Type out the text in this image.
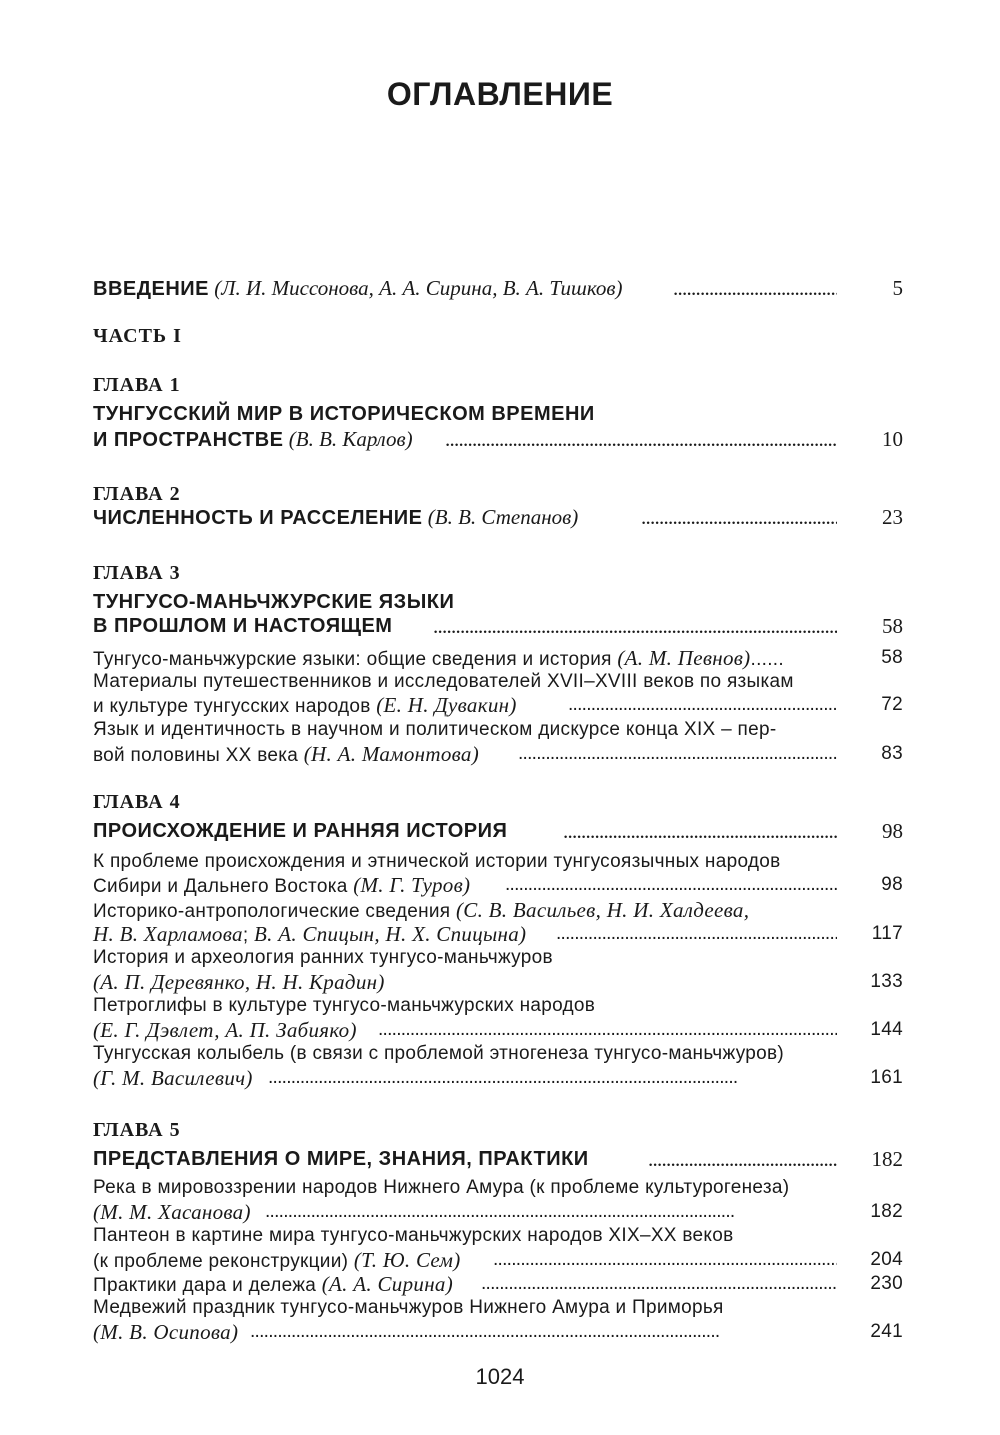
ОГЛАВЛЕНИЕ
ВВЕДЕНИЕ (Л. И. Миссонова, А. А. Сирина, В. А. Тишков) . . .	5
ЧАСТЬ I
ГЛАВА 1
ТУНГУССКИЙ МИР В ИСТОРИЧЕСКОМ ВРЕМЕНИ
И ПРОСТРАНСТВЕ (В. В. Карлов) . . .	10
ГЛАВА 2
ЧИСЛЕННОСТЬ И РАССЕЛЕНИЕ (В. В. Степанов) . . .	23
ГЛАВА 3
ТУНГУСО-МАНЬЧЖУРСКИЕ ЯЗЫКИ
В ПРОШЛОМ И НАСТОЯЩЕМ . . .	58
Тунгусо-маньчжурские языки: общие сведения и история (А. М. Певнов)......	58
Материалы путешественников и исследователей XVII–XVIII веков по языкам
и культуре тунгусских народов (Е. Н. Дувакин) . . .	72
Язык и идентичность в научном и политическом дискурсе конца XIX – пер-
вой половины XX века (Н. А. Мамонтова) . . .	83
ГЛАВА 4
ПРОИСХОЖДЕНИЕ И РАННЯЯ ИСТОРИЯ . . .	98
К проблеме происхождения и этнической истории тунгусоязычных народов
Сибири и Дальнего Востока (М. Г. Туров) . . .	98
Историко-антропологические сведения (С. В. Васильев, Н. И. Халдеева,
Н. В. Харламова; В. А. Спицын, Н. Х. Спицына) . . .	117
История и археология ранних тунгусо-маньчжуров
(А. П. Деревянко, Н. Н. Крадин)	133
Петроглифы в культуре тунгусо-маньчжурских народов
(Е. Г. Дэвлет, А. П. Забияко) . . .	144
Тунгусская колыбель (в связи с проблемой этногенеза тунгусо-маньчжуров)
(Г. М. Василевич) . . .	161
ГЛАВА 5
ПРЕДСТАВЛЕНИЯ О МИРЕ, ЗНАНИЯ, ПРАКТИКИ . . .	182
Река в мировоззрении народов Нижнего Амура (к проблеме культурогенеза)
(М. М. Хасанова) . . .	182
Пантеон в картине мира тунгусо-маньчжурских народов XIX–XX веков
(к проблеме реконструкции) (Т. Ю. Сем) . . .	204
Практики дара и дележа (А. А. Сирина) . . .	230
Медвежий праздник тунгусо-маньчжуров Нижнего Амура и Приморья
(М. В. Осипова) . . .	241
1024
